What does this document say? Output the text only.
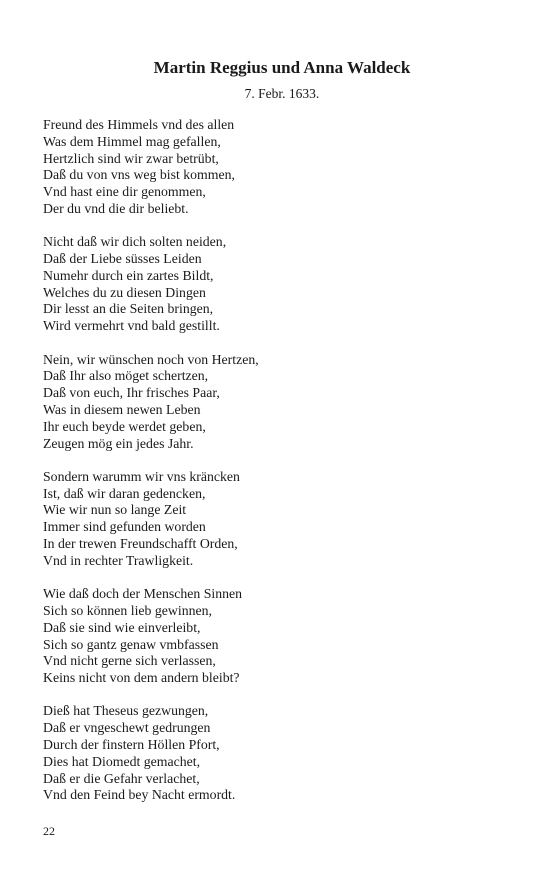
Martin Reggius und Anna Waldeck

7. Febr. 1633.

Freund des Himmels vnd des allen
Was dem Himmel mag gefallen,
Hertzlich sind wir zwar betrübt,
Daß du von vns weg bist kommen,
Vnd hast eine dir genommen,
Der du vnd die dir beliebt.
Nicht daß wir dich solten neiden,
Daß der Liebe süsses Leiden
Numehr durch ein zartes Bildt,
Welches du zu diesen Dingen
Dir lesst an die Seiten bringen,
Wird vermehrt vnd bald gestillt.
Nein, wir wünschen noch von Hertzen,
Daß Ihr also möget schertzen,
Daß von euch, Ihr frisches Paar,
Was in diesem newen Leben
Ihr euch beyde werdet geben,
Zeugen mög ein jedes Jahr.
Sondern warumm wir vns kräncken
Ist, daß wir daran gedencken,
Wie wir nun so lange Zeit
Immer sind gefunden worden
In der trewen Freundschafft Orden,
Vnd in rechter Trawligkeit.
Wie daß doch der Menschen Sinnen
Sich so können lieb gewinnen,
Daß sie sind wie einverleibt,
Sich so gantz genaw vmbfassen
Vnd nicht gerne sich verlassen,
Keins nicht von dem andern bleibt?
Dieß hat Theseus gezwungen,
Daß er vngeschewt gedrungen
Durch der finstern Höllen Pfort,
Dies hat Diomedt gemachet,
Daß er die Gefahr verlachet,
Vnd den Feind bey Nacht ermordt.
22
